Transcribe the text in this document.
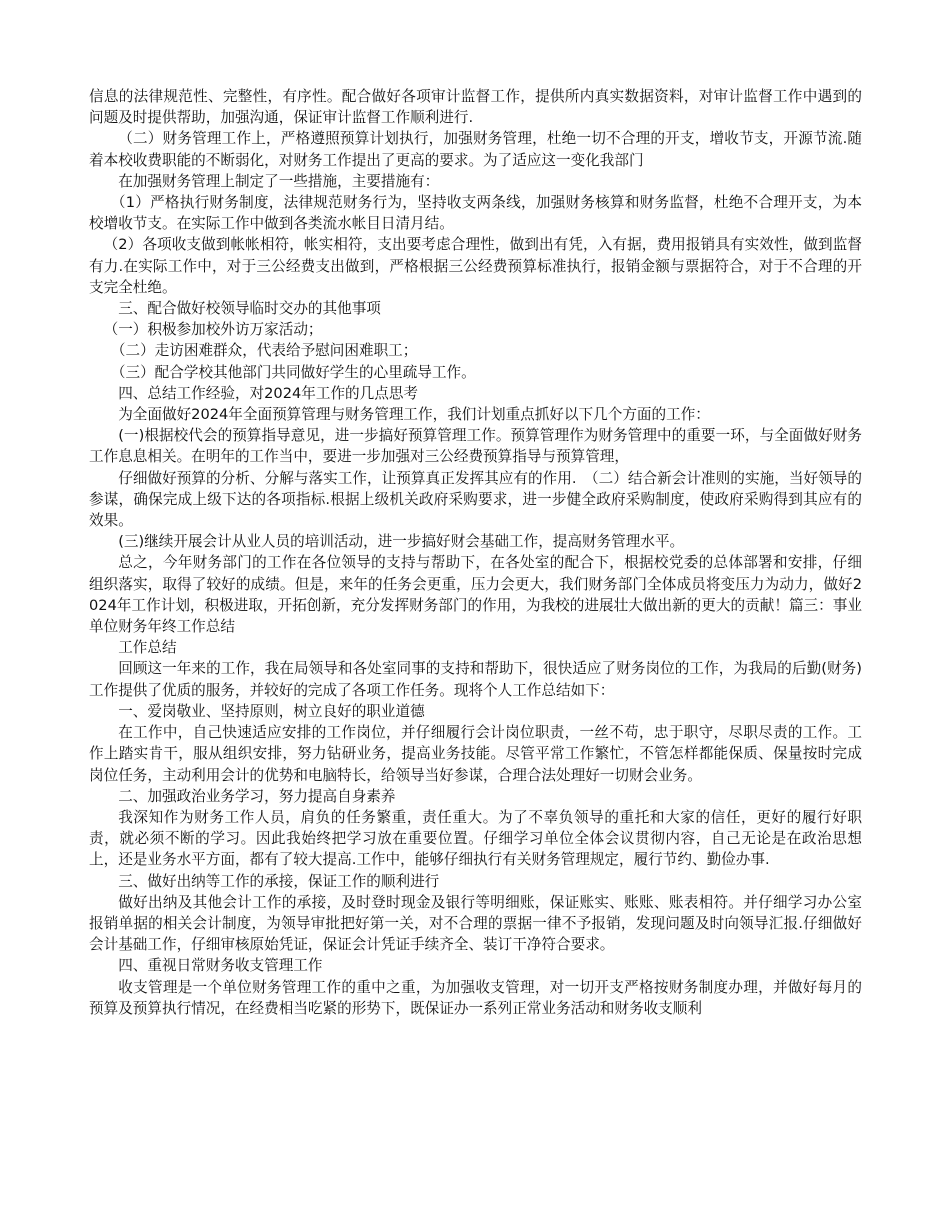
信息的法律规范性、完整性，有序性。配合做好各项审计监督工作，提供所内真实数据资料，对审计监督工作中遇到的问题及时提供帮助，加强沟通，保证审计监督工作顺利进行.

（二）财务管理工作上，严格遵照预算计划执行，加强财务管理，杜绝一切不合理的开支，增收节支，开源节流.随着本校收费职能的不断弱化，对财务工作提出了更高的要求。为了适应这一变化我部门

在加强财务管理上制定了一些措施，主要措施有：

（1）严格执行财务制度，法律规范财务行为，坚持收支两条线，加强财务核算和财务监督，杜绝不合理开支，为本校增收节支。在实际工作中做到各类流水帐目日清月结。

（2）各项收支做到帐帐相符，帐实相符，支出要考虑合理性，做到出有凭，入有据，费用报销具有实效性，做到监督有力.在实际工作中，对于三公经费支出做到，严格根据三公经费预算标准执行，报销金额与票据符合，对于不合理的开支完全杜绝。

三、配合做好校领导临时交办的其他事项

（一）积极参加校外访万家活动；

（二）走访困难群众，代表给予慰问困难职工；

（三）配合学校其他部门共同做好学生的心里疏导工作。

四、总结工作经验，对2024年工作的几点思考

为全面做好2024年全面预算管理与财务管理工作，我们计划重点抓好以下几个方面的工作：

(一)根据校代会的预算指导意见，进一步搞好预算管理工作。预算管理作为财务管理中的重要一环，与全面做好财务工作息息相关。在明年的工作当中，要进一步加强对三公经费预算指导与预算管理，

仔细做好预算的分析、分解与落实工作，让预算真正发挥其应有的作用.　（二）结合新会计准则的实施，当好领导的参谋，确保完成上级下达的各项指标.根据上级机关政府采购要求，进一步健全政府采购制度，使政府采购得到其应有的效果。

(三)继续开展会计从业人员的培训活动，进一步搞好财会基础工作，提高财务管理水平。

总之，今年财务部门的工作在各位领导的支持与帮助下，在各处室的配合下，根据校党委的总体部署和安排，仔细组织落实，取得了较好的成绩。但是，来年的任务会更重，压力会更大，我们财务部门全体成员将变压力为动力，做好2024年工作计划，积极进取，开拓创新，充分发挥财务部门的作用，为我校的进展壮大做出新的更大的贡献！篇三：事业单位财务年终工作总结

工作总结

回顾这一年来的工作，我在局领导和各处室同事的支持和帮助下，很快适应了财务岗位的工作，为我局的后勤(财务)工作提供了优质的服务，并较好的完成了各项工作任务。现将个人工作总结如下：

一、爱岗敬业、坚持原则，树立良好的职业道德

在工作中，自己快速适应安排的工作岗位，并仔细履行会计岗位职责，一丝不苟，忠于职守，尽职尽责的工作。工作上踏实肯干，服从组织安排，努力钻研业务，提高业务技能。尽管平常工作繁忙，不管怎样都能保质、保量按时完成岗位任务，主动利用会计的优势和电脑特长，给领导当好参谋，合理合法处理好一切财会业务。

二、加强政治业务学习，努力提高自身素养

我深知作为财务工作人员，肩负的任务繁重，责任重大。为了不辜负领导的重托和大家的信任，更好的履行好职责，就必须不断的学习。因此我始终把学习放在重要位置。仔细学习单位全体会议贯彻内容，自己无论是在政治思想上，还是业务水平方面，都有了较大提高.工作中，能够仔细执行有关财务管理规定，履行节约、勤俭办事.

三、做好出纳等工作的承接，保证工作的顺利进行

做好出纳及其他会计工作的承接，及时登时现金及银行等明细账，保证账实、账账、账表相符。并仔细学习办公室报销单据的相关会计制度，为领导审批把好第一关，对不合理的票据一律不予报销，发现问题及时向领导汇报.仔细做好会计基础工作，仔细审核原始凭证，保证会计凭证手续齐全、装订干净符合要求。

四、重视日常财务收支管理工作

收支管理是一个单位财务管理工作的重中之重，为加强收支管理，对一切开支严格按财务制度办理，并做好每月的预算及预算执行情况，在经费相当吃紧的形势下，既保证办一系列正常业务活动和财务收支顺利
